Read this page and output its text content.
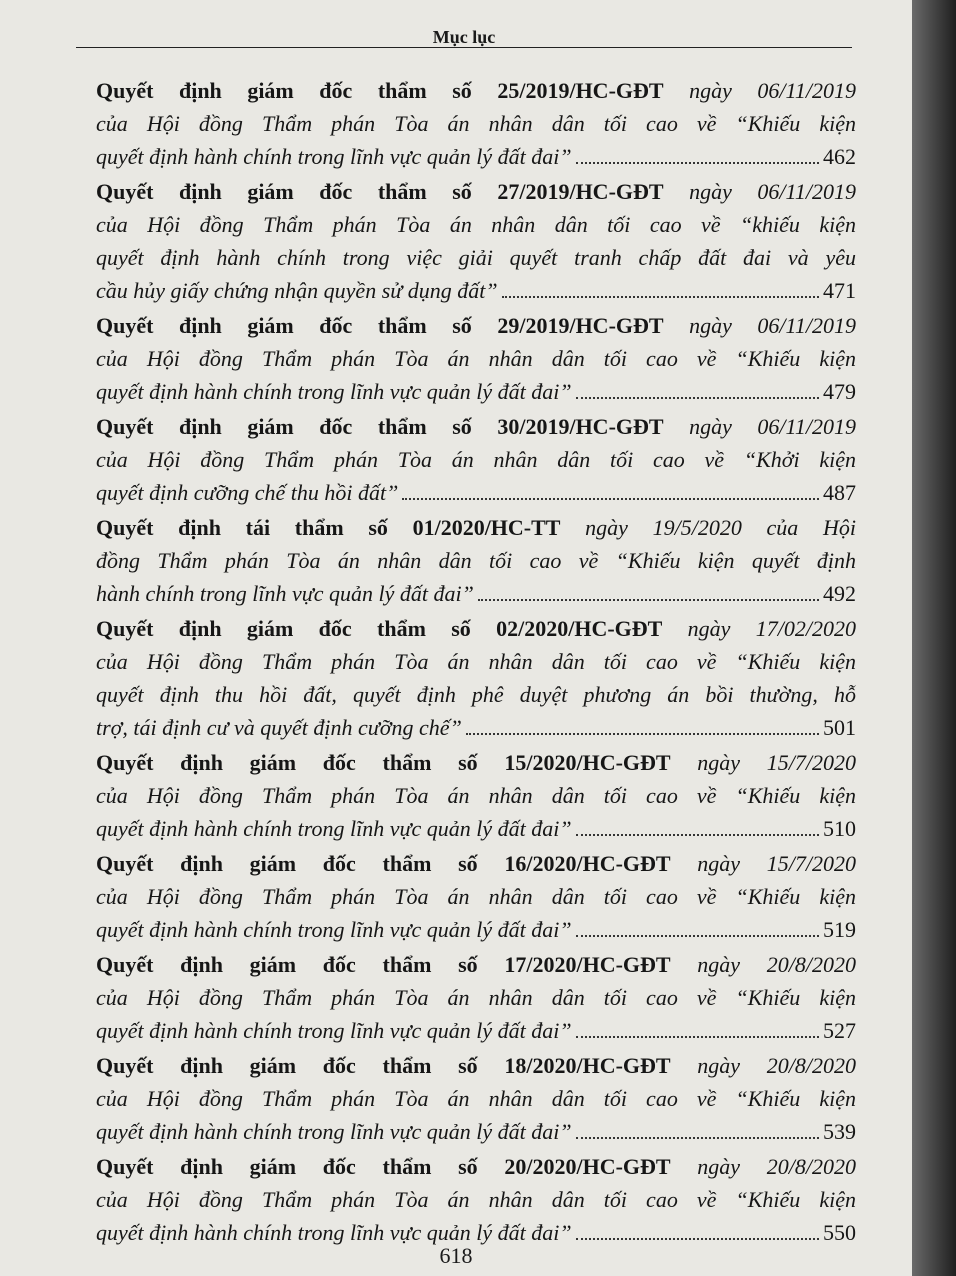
Mục lục
Quyết định giám đốc thẩm số 25/2019/HC-GĐT ngày 06/11/2019
của Hội đồng Thẩm phán Tòa án nhân dân tối cao về “Khiếu kiện
quyết định hành chính trong lĩnh vực quản lý đất đai”	462
Quyết định giám đốc thẩm số 27/2019/HC-GĐT ngày 06/11/2019
của Hội đồng Thẩm phán Tòa án nhân dân tối cao về “khiếu kiện
quyết định hành chính trong việc giải quyết tranh chấp đất đai và yêu
cầu hủy giấy chứng nhận quyền sử dụng đất”	471
Quyết định giám đốc thẩm số 29/2019/HC-GĐT ngày 06/11/2019
của Hội đồng Thẩm phán Tòa án nhân dân tối cao về “Khiếu kiện
quyết định hành chính trong lĩnh vực quản lý đất đai”	479
Quyết định giám đốc thẩm số 30/2019/HC-GĐT ngày 06/11/2019
của Hội đồng Thẩm phán Tòa án nhân dân tối cao về “Khởi kiện
quyết định cưỡng chế thu hồi đất”	487
Quyết định tái thẩm số 01/2020/HC-TT ngày 19/5/2020 của Hội
đồng Thẩm phán Tòa án nhân dân tối cao về “Khiếu kiện quyết định
hành chính trong lĩnh vực quản lý đất đai”	492
Quyết định giám đốc thẩm số 02/2020/HC-GĐT ngày 17/02/2020
của Hội đồng Thẩm phán Tòa án nhân dân tối cao về “Khiếu kiện
quyết định thu hồi đất, quyết định phê duyệt phương án bồi thường, hỗ
trợ, tái định cư và quyết định cưỡng chế”	501
Quyết định giám đốc thẩm số 15/2020/HC-GĐT ngày 15/7/2020
của Hội đồng Thẩm phán Tòa án nhân dân tối cao về “Khiếu kiện
quyết định hành chính trong lĩnh vực quản lý đất đai”	510
Quyết định giám đốc thẩm số 16/2020/HC-GĐT ngày 15/7/2020
của Hội đồng Thẩm phán Tòa án nhân dân tối cao về “Khiếu kiện
quyết định hành chính trong lĩnh vực quản lý đất đai”	519
Quyết định giám đốc thẩm số 17/2020/HC-GĐT ngày 20/8/2020
của Hội đồng Thẩm phán Tòa án nhân dân tối cao về “Khiếu kiện
quyết định hành chính trong lĩnh vực quản lý đất đai”	527
Quyết định giám đốc thẩm số 18/2020/HC-GĐT ngày 20/8/2020
của Hội đồng Thẩm phán Tòa án nhân dân tối cao về “Khiếu kiện
quyết định hành chính trong lĩnh vực quản lý đất đai”	539
Quyết định giám đốc thẩm số 20/2020/HC-GĐT ngày 20/8/2020
của Hội đồng Thẩm phán Tòa án nhân dân tối cao về “Khiếu kiện
quyết định hành chính trong lĩnh vực quản lý đất đai”	550
618
